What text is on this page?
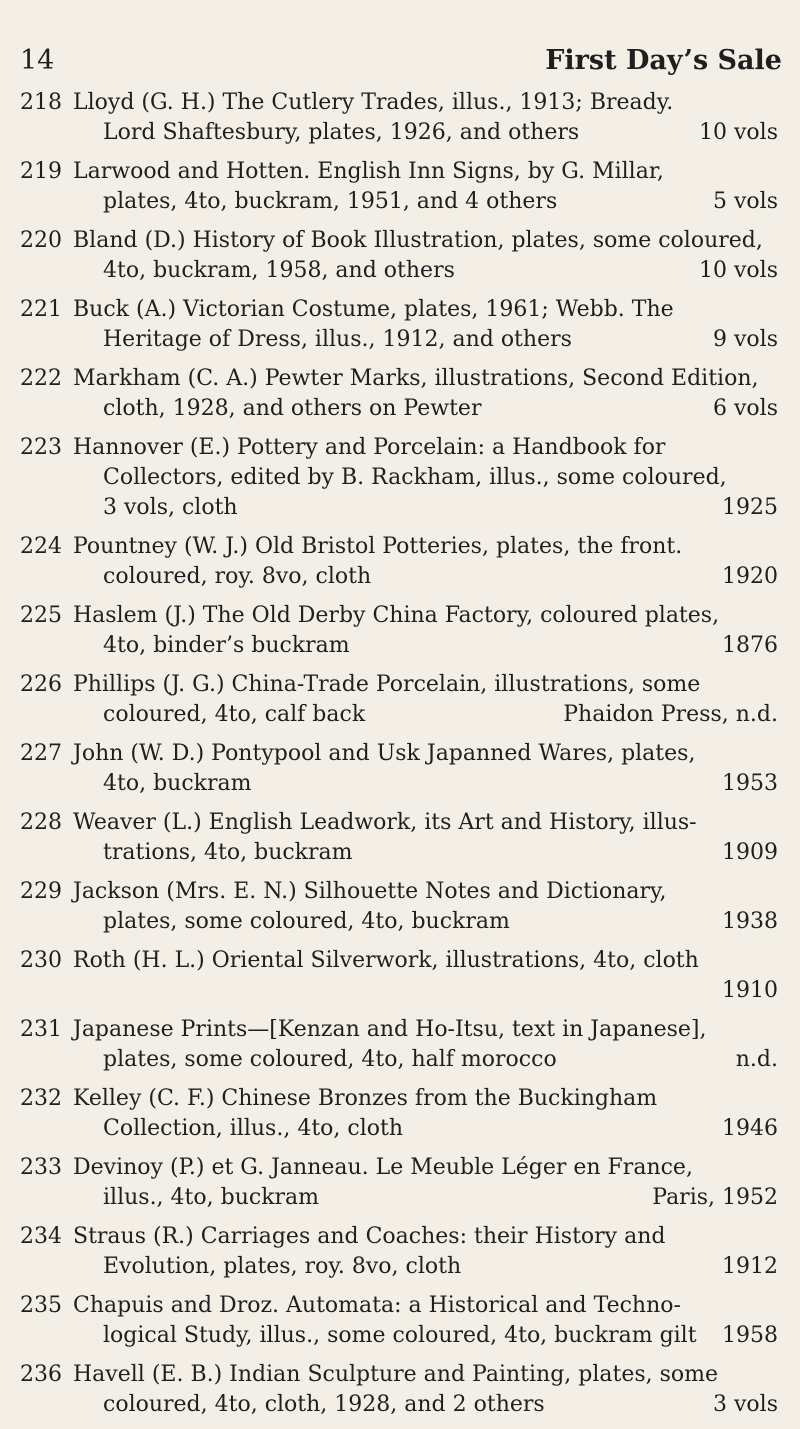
14	First Day’s Sale
218 Lloyd (G. H.) The Cutlery Trades, illus., 1913; Bready.
Lord Shaftesbury, plates, 1926, and others	10 vols
219 Larwood and Hotten. English Inn Signs, by G. Millar,
plates, 4to, buckram, 1951, and 4 others	5 vols
220 Bland (D.) History of Book Illustration, plates, some coloured,
4to, buckram, 1958, and others	10 vols
221 Buck (A.) Victorian Costume, plates, 1961; Webb. The
Heritage of Dress, illus., 1912, and others	9 vols
222 Markham (C. A.) Pewter Marks, illustrations, Second Edition,
cloth, 1928, and others on Pewter	6 vols
223 Hannover (E.) Pottery and Porcelain: a Handbook for
Collectors, edited by B. Rackham, illus., some coloured,
3 vols, cloth	1925
224 Pountney (W. J.) Old Bristol Potteries, plates, the front.
coloured, roy. 8vo, cloth	1920
225 Haslem (J.) The Old Derby China Factory, coloured plates,
4to, binder’s buckram	1876
226 Phillips (J. G.) China-Trade Porcelain, illustrations, some
coloured, 4to, calf back	Phaidon Press, n.d.
227 John (W. D.) Pontypool and Usk Japanned Wares, plates,
4to, buckram	1953
228 Weaver (L.) English Leadwork, its Art and History, illus-
trations, 4to, buckram	1909
229 Jackson (Mrs. E. N.) Silhouette Notes and Dictionary,
plates, some coloured, 4to, buckram	1938
230 Roth (H. L.) Oriental Silverwork, illustrations, 4to, cloth
1910
231 Japanese Prints—[Kenzan and Ho-Itsu, text in Japanese],
plates, some coloured, 4to, half morocco	n.d.
232 Kelley (C. F.) Chinese Bronzes from the Buckingham
Collection, illus., 4to, cloth	1946
233 Devinoy (P.) et G. Janneau. Le Meuble Léger en France,
illus., 4to, buckram	Paris, 1952
234 Straus (R.) Carriages and Coaches: their History and
Evolution, plates, roy. 8vo, cloth	1912
235 Chapuis and Droz. Automata: a Historical and Techno-
logical Study, illus., some coloured, 4to, buckram gilt 1958
236 Havell (E. B.) Indian Sculpture and Painting, plates, some
coloured, 4to, cloth, 1928, and 2 others	3 vols
